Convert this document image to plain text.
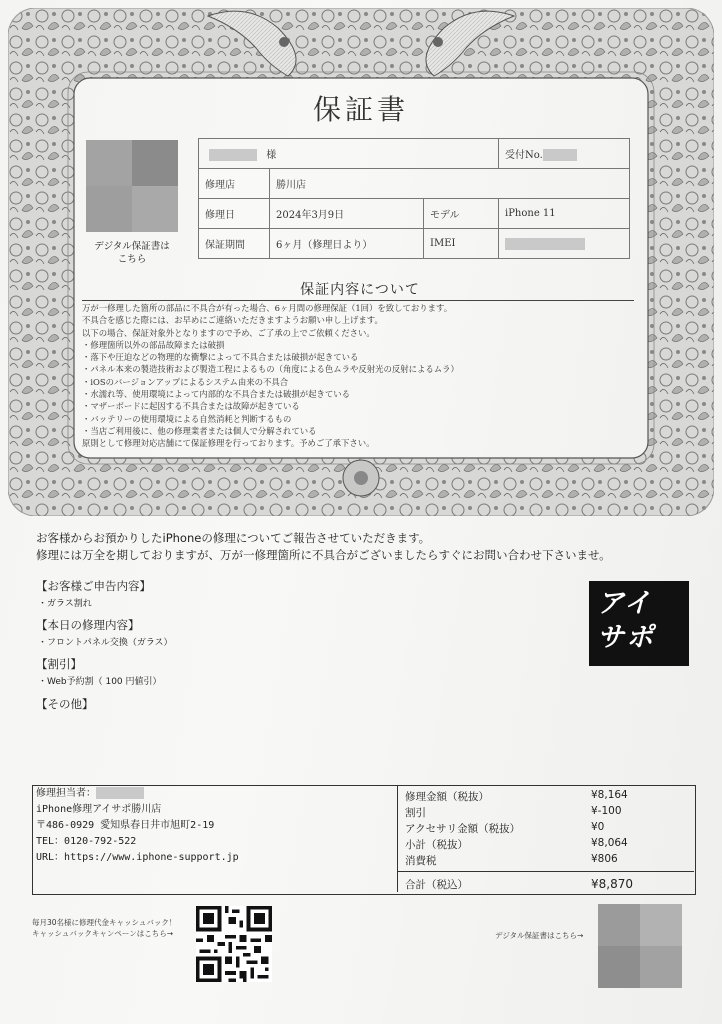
保証書
デジタル保証書は
こちら
様			受付No.
修理店	勝川店		
修理日	2024年3月9日	モデル	iPhone 11
保証期間	6ヶ月（修理日より）	IMEI	
保証内容について
万が一修理した箇所の部品に不具合が有った場合、6ヶ月間の修理保証（1回）を致しております。
不具合を感じた際には、お早めにご連絡いただきますようお願い申し上げます。
以下の場合、保証対象外となりますので予め、ご了承の上でご依頼ください。
・修理箇所以外の部品故障または破損
・落下や圧迫などの物理的な衝撃によって不具合または破損が起きている
・パネル本来の製造技術および製造工程によるもの（角度による色ムラや反射光の反射によるムラ）
・iOSのバージョンアップによるシステム由来の不具合
・水濡れ等、使用環境によって内部的な不具合または破損が起きている
・マザーボードに起因する不具合または故障が起きている
・バッテリーの使用環境による自然消耗と判断するもの
・当店ご利用後に、他の修理業者または個人で分解されている
原則として修理対応店舗にて保証修理を行っております。予めご了承下さい。
お客様からお預かりしたiPhoneの修理についてご報告させていただきます。
修理には万全を期しておりますが、万が一修理箇所に不具合がございましたらすぐにお問い合わせ下さいませ。
【お客様ご申告内容】
・ガラス割れ
【本日の修理内容】
・フロントパネル交換（ガラス）
【割引】
・Web予約割（ 100 円値引）
【その他】
アイ
サポ
修理担当者：
iPhone修理アイサポ勝川店
〒486-0929 愛知県春日井市旭町2-19
TEL：0120-792-522
URL：https://www.iphone-support.jp
修理金額（税抜）	¥8,164
割引	¥-100
アクセサリ金額（税抜）	¥0
小計（税抜）	¥8,064
消費税	¥806
合計（税込）	¥8,870
毎月30名様に修理代金キャッシュバック！
キャッシュバックキャンペーンはこちら→	デジタル保証書はこちら→
